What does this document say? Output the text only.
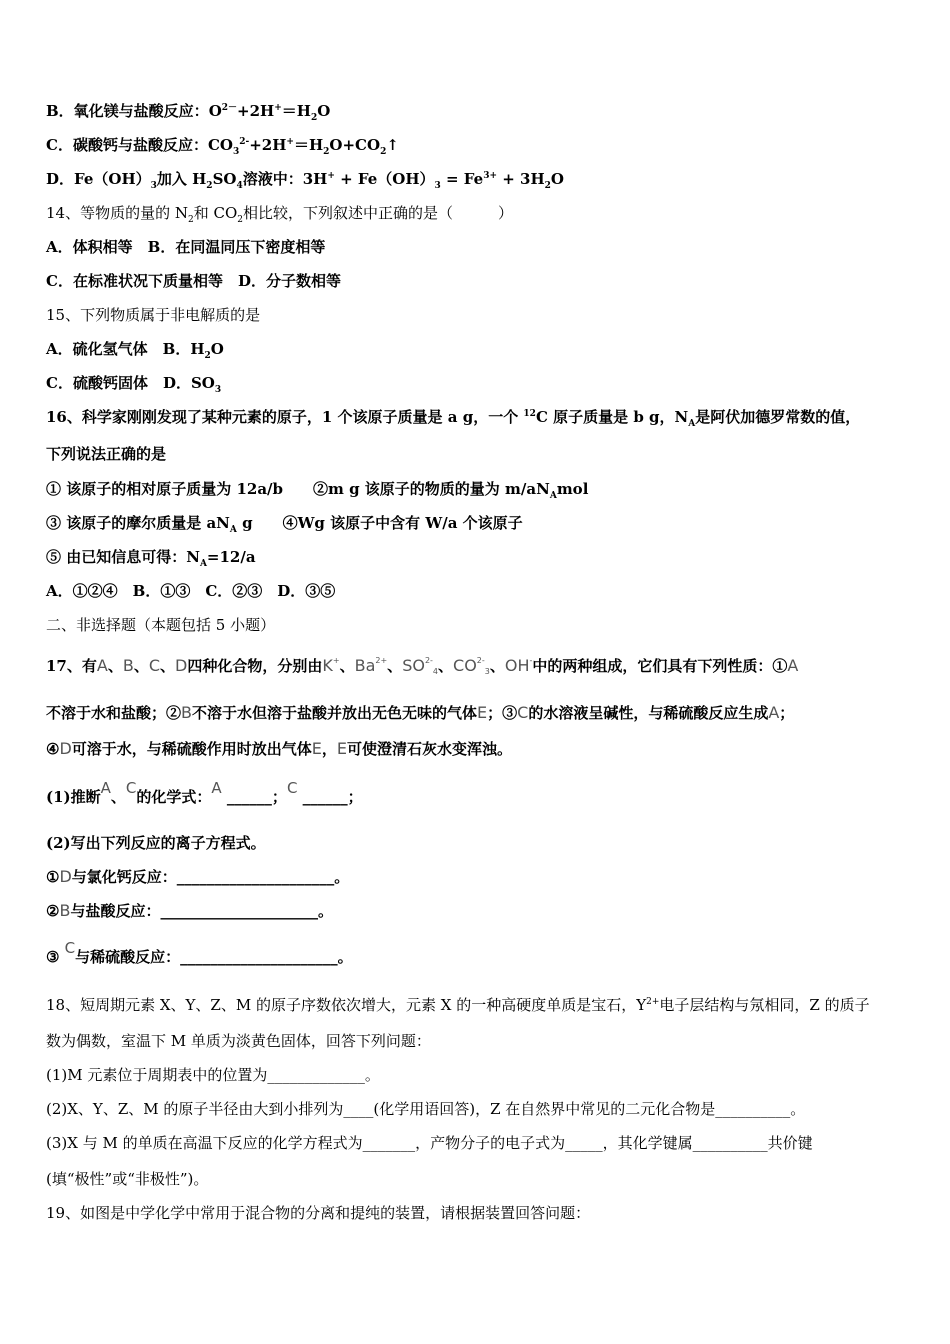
B．氧化镁与盐酸反应：$O^{2-}+2H^+=H_2O$
C．碳酸钙与盐酸反应：$CO_3^{2-}+2H^+=H_2O+CO_2↑$
D．$Fe(OH)_3$加入 $H_2SO_4$溶液中：$3H^+ + Fe(OH)_3 = Fe^{3+} + 3H_2O$
14、等物质的量的 $N_2$和 $CO_2$相比较，下列叙述中正确的是（　　　）
A．体积相等　B．在同温同压下密度相等
C．在标准状况下质量相等　D．分子数相等
15、下列物质属于非电解质的是
A．硫化氢气体　B．$H_2O$
C．硫酸钙固体　D．$SO_3$
16、科学家刚刚发现了某种元素的原子，1 个该原子质量是 a g，一个 $^{12}$C 原子质量是 b g，$N_A$是阿伏加德罗常数的值，
下列说法正确的是
① 该原子的相对原子质量为 12a/b　　②m g 该原子的物质的量为 $m/aN_Amol$
③ 该原子的摩尔质量是 $aN_A$ g　　④Wg 该原子中含有 W/a 个该原子
⑤ 由已知信息可得：$N_A=12/a$
A．①②④　B．①③　C．②③　D．③⑤
二、非选择题（本题包括 5 小题）
17、有A、B、C、D四种化合物，分别由K+、$Ba^{2+}$、$SO^{2-}4$、$CO^{2-}3$、OH-中的两种组成，它们具有下列性质：①A
不溶于水和盐酸；②B不溶于水但溶于盐酸并放出无色无味的气体E；③C的水溶液呈碱性，与稀硫酸反应生成A；
④D可溶于水，与稀硫酸作用时放出气体E，E可使澄清石灰水变浑浊。
(1)推断A、C的化学式：A ______；C ______；
(2)写出下列反应的离子方程式。
①D与氯化钙反应：_____________________。
②B与盐酸反应：_____________________。
③ C与稀硫酸反应：_____________________。
18、短周期元素 X、Y、Z、M 的原子序数依次增大，元素 X 的一种高硬度单质是宝石，$Y^{2+}$电子层结构与氖相同，Z 的质子
数为偶数，室温下 M 单质为淡黄色固体，回答下列问题：
(1)M 元素位于周期表中的位置为_____________。
(2)X、Y、Z、M 的原子半径由大到小排列为____(化学用语回答)，Z 在自然界中常见的二元化合物是__________。
(3)X 与 M 的单质在高温下反应的化学方程式为_______，产物分子的电子式为_____，其化学键属__________共价键
(填“极性”或“非极性”)。
19、如图是中学化学中常用于混合物的分离和提纯的装置，请根据装置回答问题：
